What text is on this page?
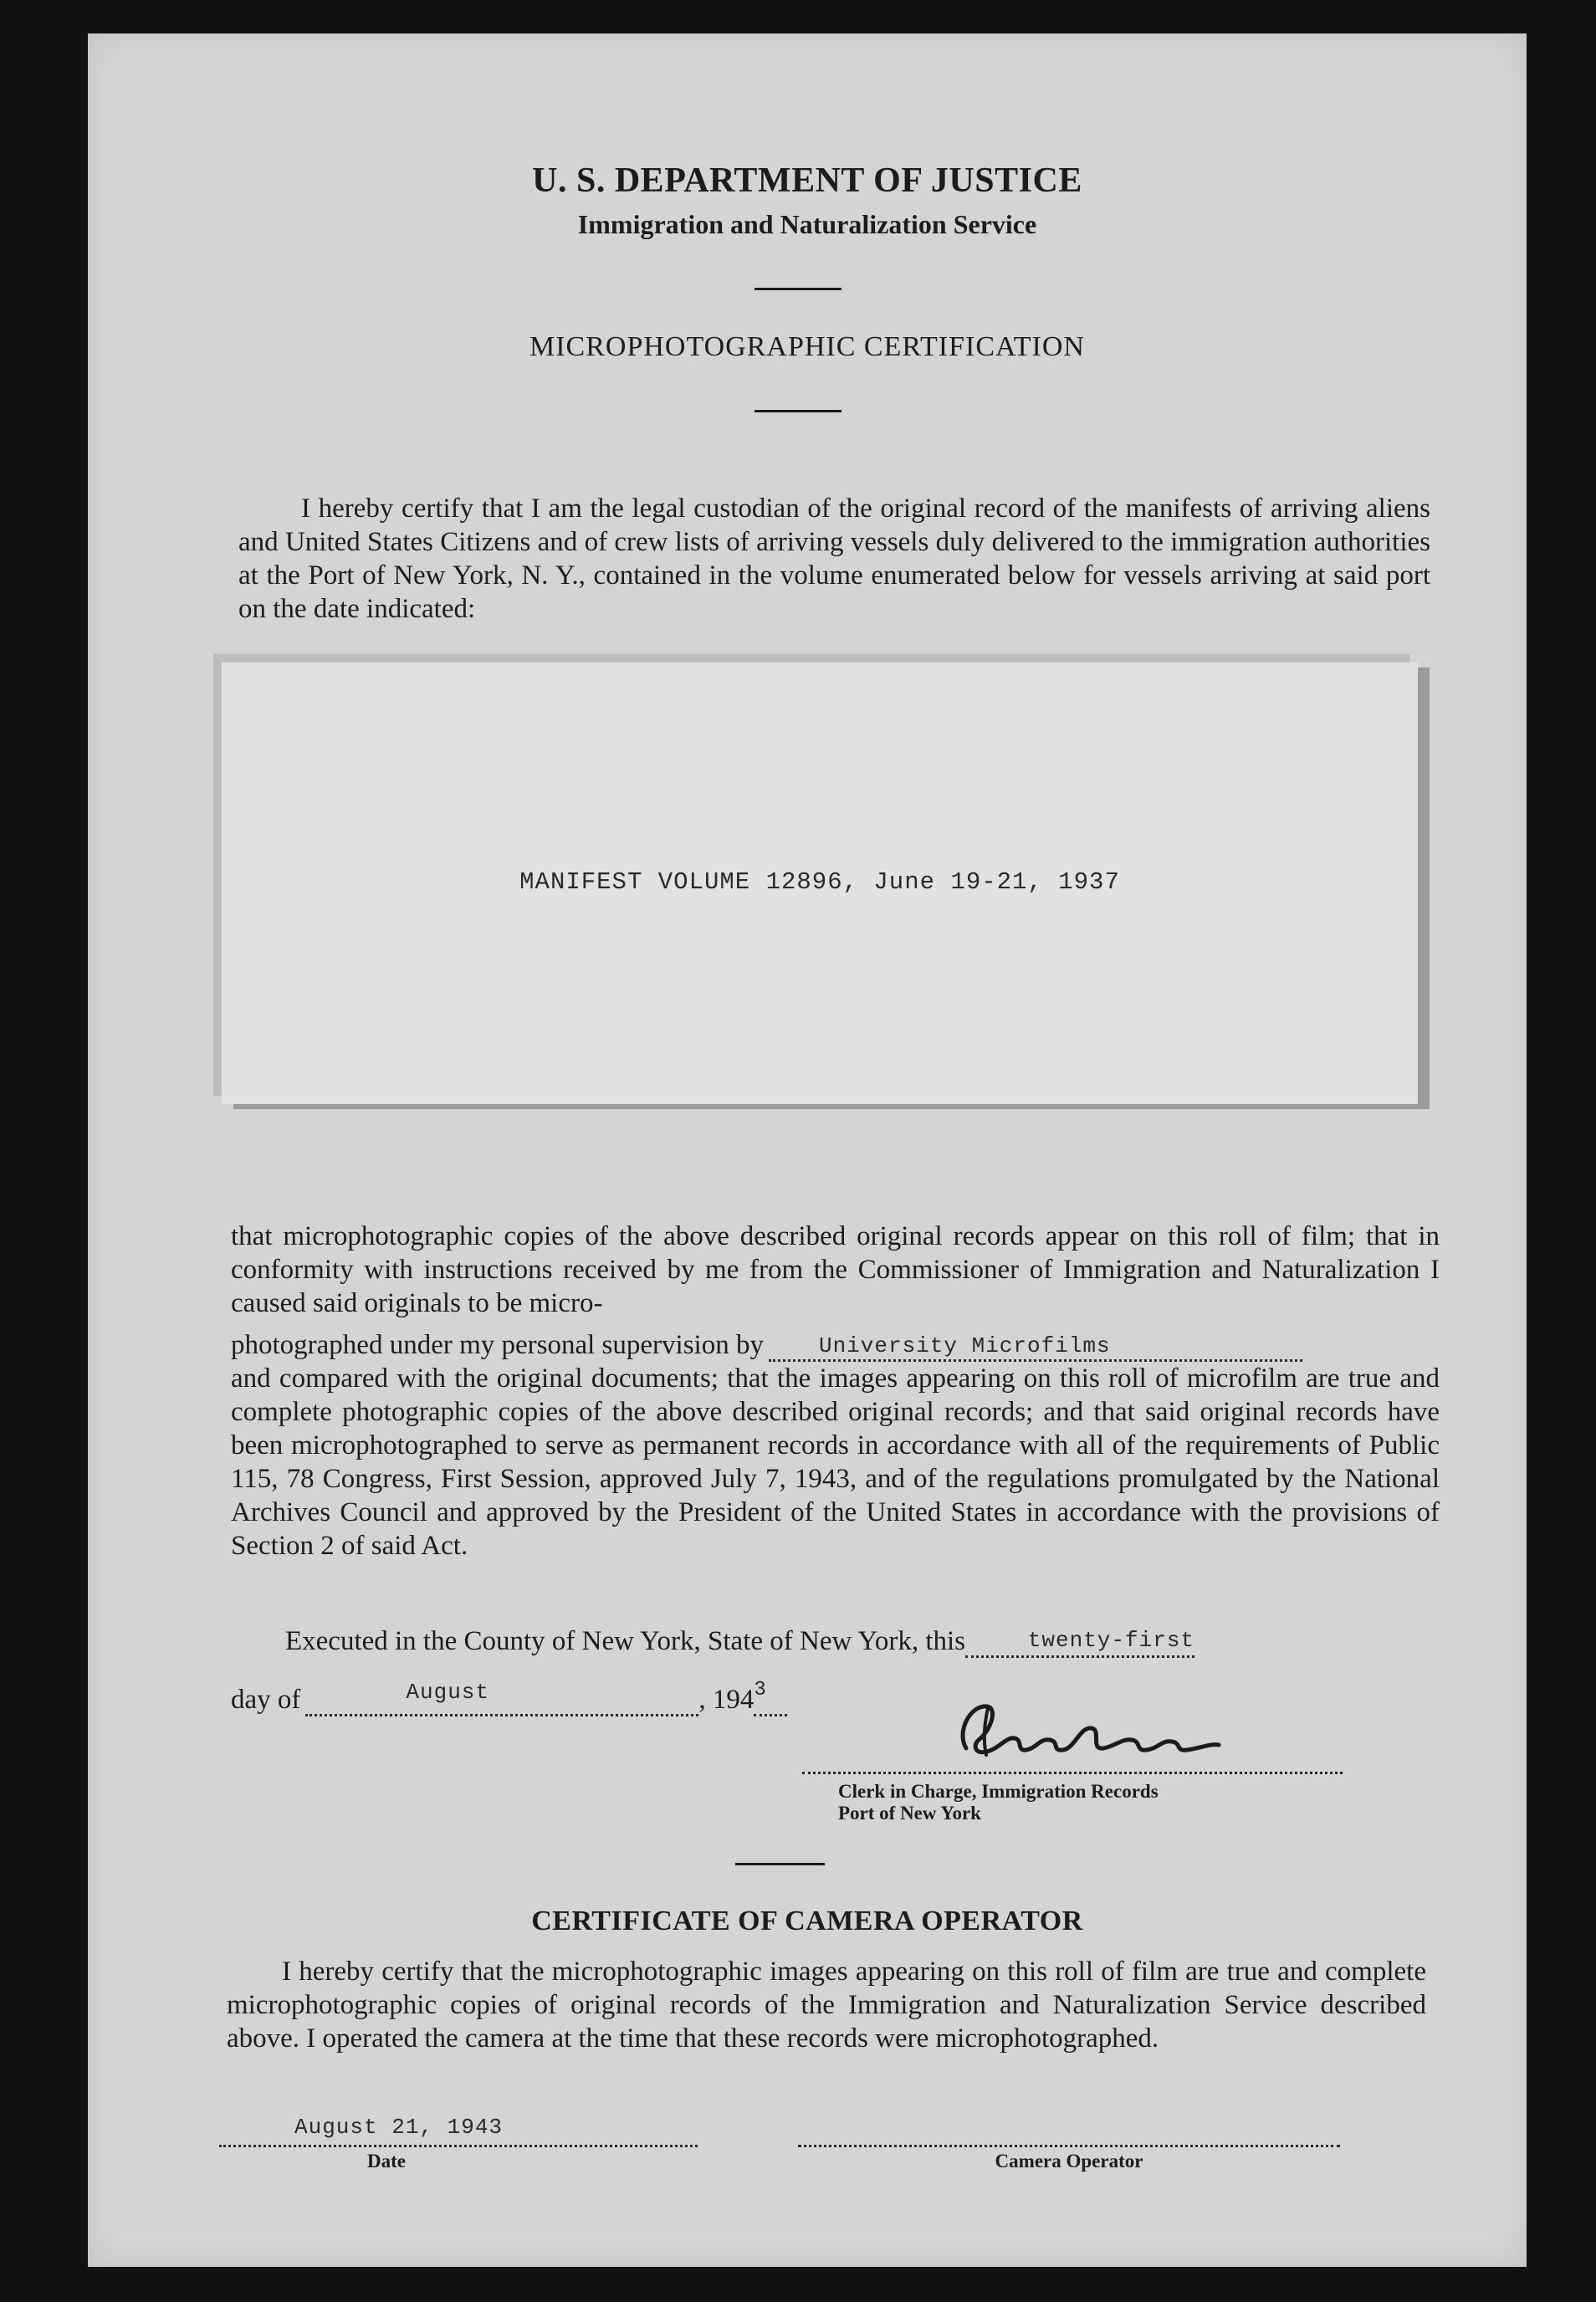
U. S. DEPARTMENT OF JUSTICE
Immigration and Naturalization Service
MICROPHOTOGRAPHIC CERTIFICATION

I hereby certify that I am the legal custodian of the original record of the manifests of arriving aliens and United States Citizens and of crew lists of arriving vessels duly delivered to the immigration authorities at the Port of New York, N. Y., contained in the volume enumerated below for vessels arriving at said port on the date indicated:

MANIFEST VOLUME 12896, June 19-21, 1937

that microphotographic copies of the above described original records appear on this roll of film; that in conformity with instructions received by me from the Commissioner of Immigration and Naturalization I caused said originals to be micro-

photographed under my personal supervision by	University Microfilms

and compared with the original documents; that the images appearing on this roll of microfilm are true and complete photographic copies of the above described original records; and that said original records have been microphotographed to serve as permanent records in accordance with all of the requirements of Public 115, 78 Congress, First Session, approved July 7, 1943, and of the regulations promulgated by the National Archives Council and approved by the President of the United States in accordance with the provisions of Section 2 of said Act.

Executed in the County of New York, State of New York, this	twenty-first
day of	August	, 194 3
Clerk in Charge, Immigration Records
Port of New York
CERTIFICATE OF CAMERA OPERATOR

I hereby certify that the microphotographic images appearing on this roll of film are true and complete microphotographic copies of original records of the Immigration and Naturalization Service described above. I operated the camera at the time that these records were microphotographed.

August 21, 1943
Date	Camera Operator
